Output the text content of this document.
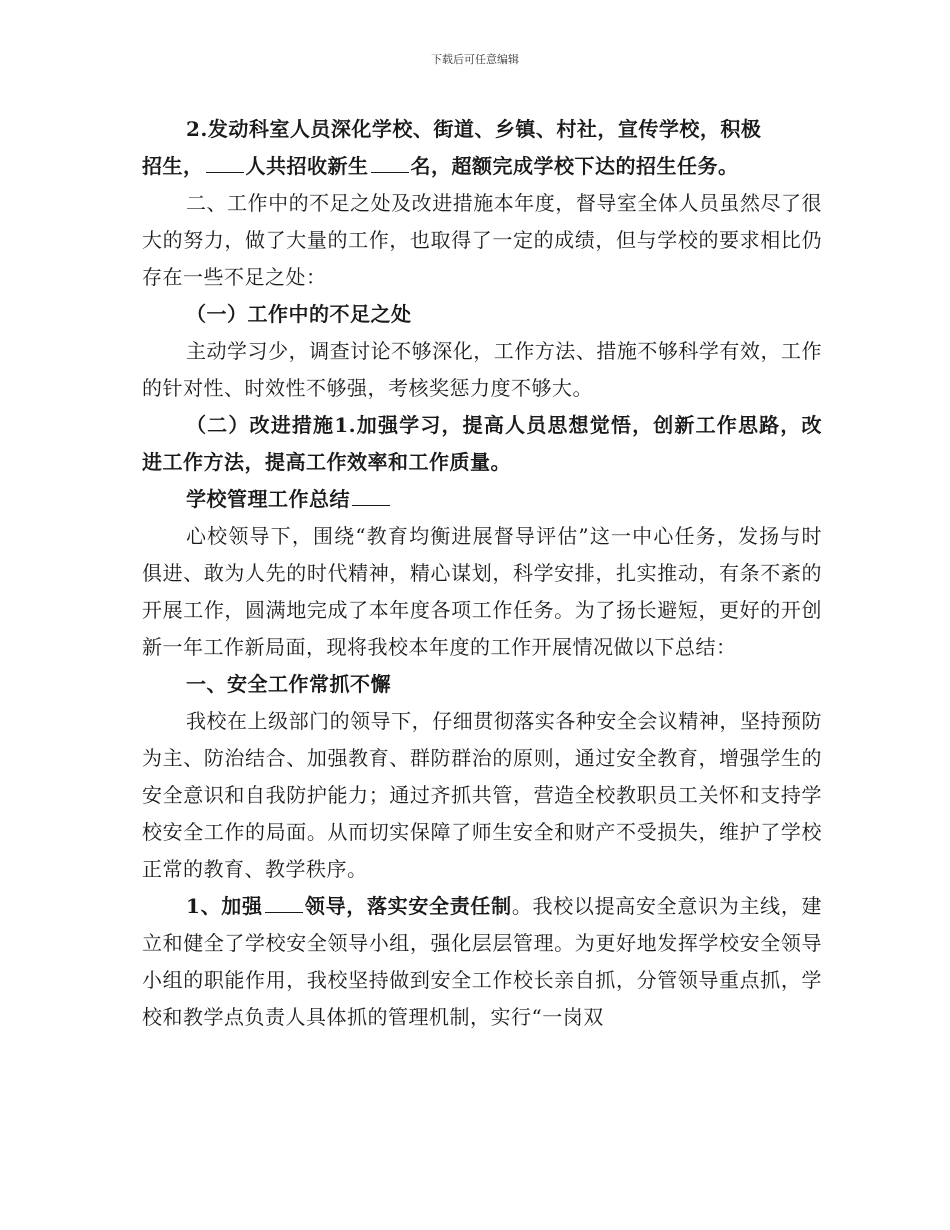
下载后可任意编辑

2.发动科室人员深化学校、街道、乡镇、村社，宣传学校，积极
招生， 人共招收新生 名，超额完成学校下达的招生任务。

二、工作中的不足之处及改进措施本年度，督导室全体人员虽然尽了很大的努力，做了大量的工作，也取得了一定的成绩，但与学校的要求相比仍存在一些不足之处：

（一）工作中的不足之处

主动学习少，调查讨论不够深化，工作方法、措施不够科学有效，工作的针对性、时效性不够强，考核奖惩力度不够大。

（二）改进措施1.加强学习，提高人员思想觉悟，创新工作思路，改进工作方法，提高工作效率和工作质量。

学校管理工作总结

心校领导下，围绕“教育均衡进展督导评估”这一中心任务，发扬与时俱进、敢为人先的时代精神，精心谋划，科学安排，扎实推动，有条不紊的开展工作，圆满地完成了本年度各项工作任务。为了扬长避短，更好的开创新一年工作新局面，现将我校本年度的工作开展情况做以下总结：

一、安全工作常抓不懈

我校在上级部门的领导下，仔细贯彻落实各种安全会议精神，坚持预防为主、防治结合、加强教育、群防群治的原则，通过安全教育，增强学生的安全意识和自我防护能力；通过齐抓共管，营造全校教职员工关怀和支持学校安全工作的局面。从而切实保障了师生安全和财产不受损失，维护了学校正常的教育、教学秩序。

1、加强 领导，落实安全责任制。我校以提高安全意识为主线，建立和健全了学校安全领导小组，强化层层管理。为更好地发挥学校安全领导小组的职能作用，我校坚持做到安全工作校长亲自抓，分管领导重点抓，学校和教学点负责人具体抓的管理机制，实行“一岗双
